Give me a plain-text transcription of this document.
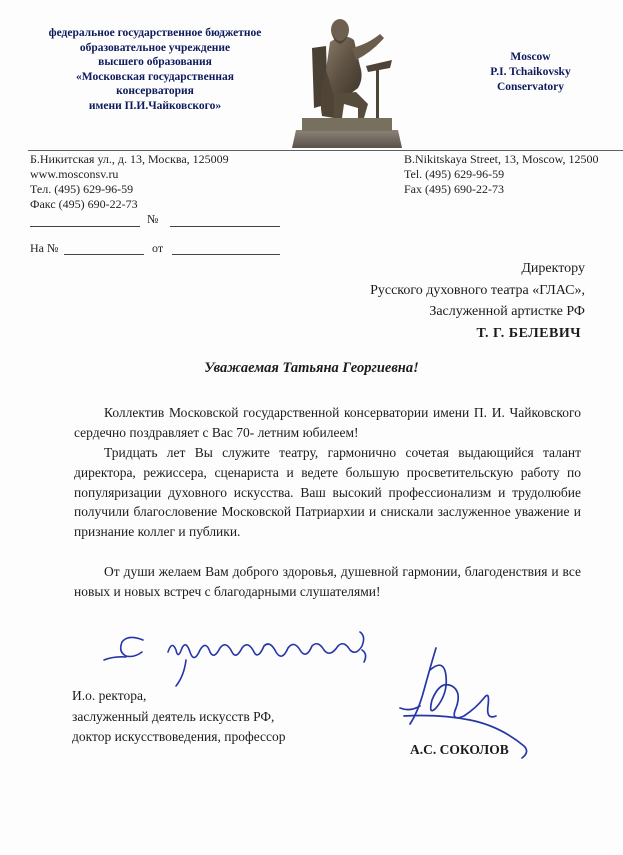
федеральное государственное бюджетное
образовательное учреждение
высшего образования
«Московская государственная
консерватория
имени П.И.Чайковского»
Moscow
P.I. Tchaikovsky
Conservatory
Б.Никитская ул., д. 13, Москва, 125009
www.mosconsv.ru
Тел. (495) 629-96-59
Факс (495) 690-22-73
B.Nikitskaya Street, 13, Moscow, 12500
Tel. (495) 629-96-59
Fax (495) 690-22-73
№
На №	от
Директору
Русского духовного театра «ГЛАС»,
Заслуженной артистке РФ
Т. Г. БЕЛЕВИЧ
Уважаемая Татьяна Георгиевна!
Коллектив Московской государственной консерватории имени П. И. Чайковского сердечно поздравляет с Вас 70- летним юбилеем!
Тридцать лет Вы служите театру, гармонично сочетая выдающийся талант директора, режиссера, сценариста и ведете большую просветительскую работу по популяризации духовного искусства. Ваш высокий профессионализм и трудолюбие получили благословение Московской Патриархии и снискали заслуженное уважение и признание коллег и публики.
От души желаем Вам доброго здоровья, душевной гармонии, благоденствия и все новых и новых встреч с благодарными слушателями!
И.о. ректора,
заслуженный деятель искусств РФ,
доктор искусствоведения, профессор
А.С. СОКОЛОВ
